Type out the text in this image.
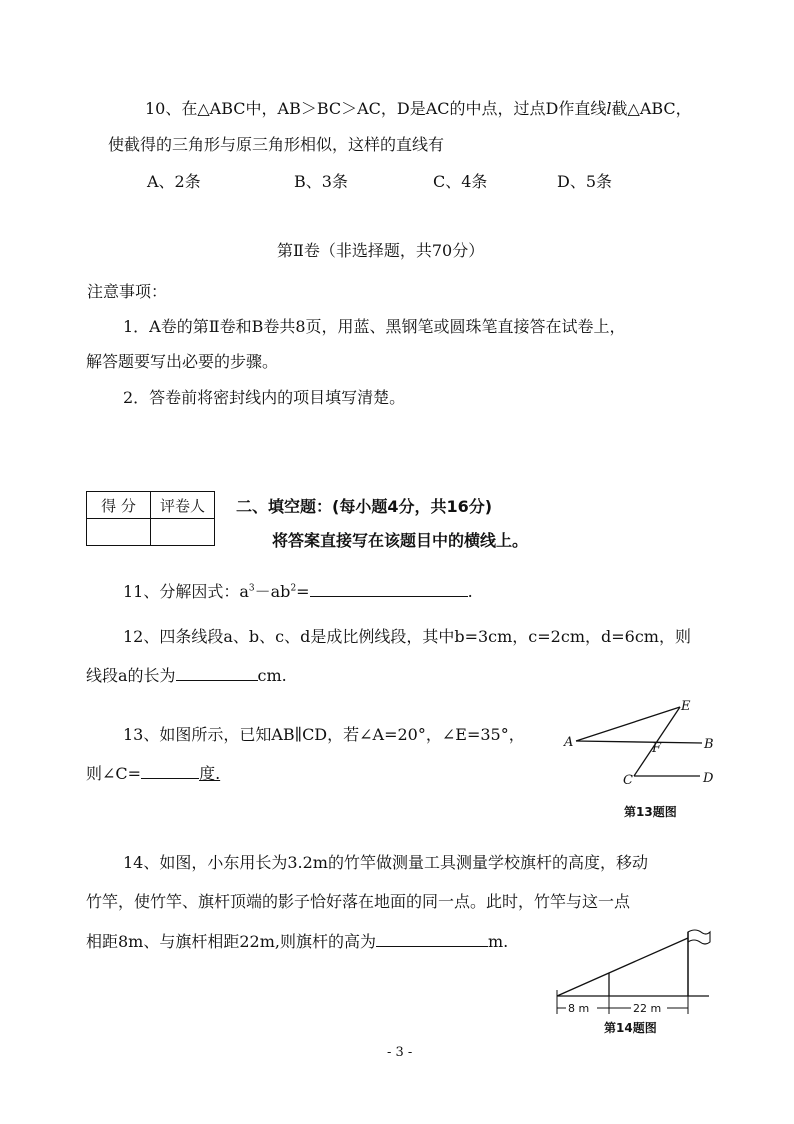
10、在△ABC中，AB＞BC＞AC，D是AC的中点，过点D作直线l截△ABC，
使截得的三角形与原三角形相似，这样的直线有
A、2条	B、3条	C、4条	D、5条
第Ⅱ卷（非选择题，共70分）
注意事项：
1．A卷的第Ⅱ卷和B卷共8页，用蓝、黑钢笔或圆珠笔直接答在试卷上，
解答题要写出必要的步骤。
2．答卷前将密封线内的项目填写清楚。
得 分	评卷人
	二、填空题：(每小题4分，共16分)
将答案直接写在该题目中的横线上。
11、分解因式：$a^3-ab^2=$	.
12、四条线段a、b、c、d是成比例线段，其中b=3cm，c=2cm，d=6cm，则
线段a的长为	cm.
13、如图所示，已知AB∥CD，若∠A=20°，∠E=35°，
则∠C=	度.
E
A	B
F
C	D
第13题图
14、如图，小东用长为3.2m的竹竿做测量工具测量学校旗杆的高度，移动
竹竿，使竹竿、旗杆顶端的影子恰好落在地面的同一点。此时，竹竿与这一点
相距8m、与旗杆相距22m,则旗杆的高为	m.
8 m	22 m
第14题图
- 3 -
